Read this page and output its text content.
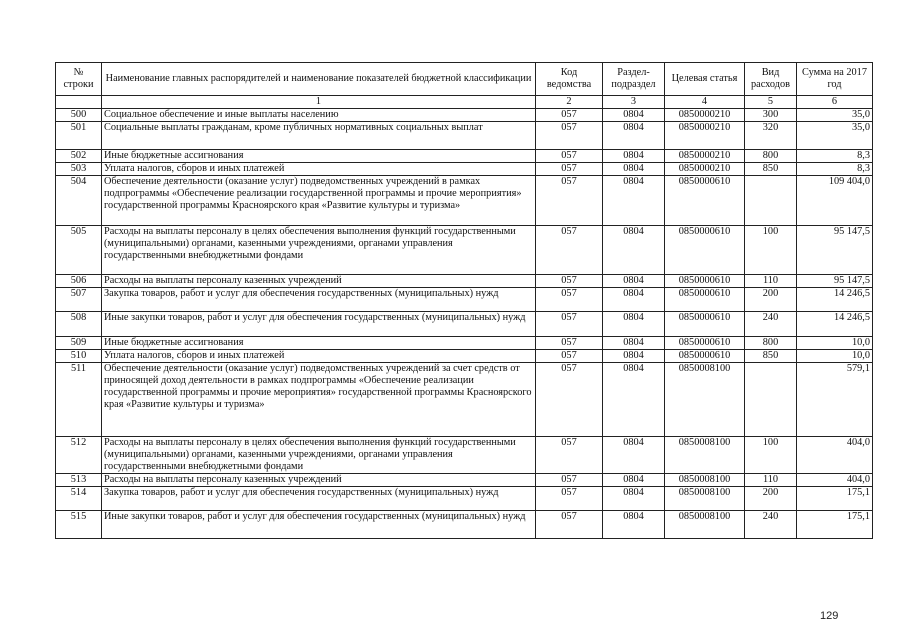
№ строки	Наименование главных распорядителей и наименование показателей бюджетной классификации	Код ведомства	Раздел-подраздел	Целевая статья	Вид расходов	Сумма на 2017 год
	1	2	3	4	5	6
500	Социальное обеспечение и иные выплаты населению	057	0804	0850000210	300	35,0
501	Социальные выплаты гражданам, кроме публичных нормативных социальных выплат	057	0804	0850000210	320	35,0
502	Иные бюджетные ассигнования	057	0804	0850000210	800	8,3
503	Уплата налогов, сборов и иных платежей	057	0804	0850000210	850	8,3
504	Обеспечение деятельности (оказание услуг) подведомственных учреждений в рамках подпрограммы «Обеспечение реализации государственной программы и прочие мероприятия» государственной программы Красноярского края «Развитие культуры и туризма»	057	0804	0850000610		109 404,0
505	Расходы на выплаты персоналу в целях обеспечения выполнения функций государственными (муниципальными) органами, казенными учреждениями, органами управления государственными внебюджетными фондами	057	0804	0850000610	100	95 147,5
506	Расходы на выплаты персоналу казенных учреждений	057	0804	0850000610	110	95 147,5
507	Закупка товаров, работ и услуг для обеспечения государственных (муниципальных) нужд	057	0804	0850000610	200	14 246,5
508	Иные закупки товаров, работ и услуг для обеспечения государственных (муниципальных) нужд	057	0804	0850000610	240	14 246,5
509	Иные бюджетные ассигнования	057	0804	0850000610	800	10,0
510	Уплата налогов, сборов и иных платежей	057	0804	0850000610	850	10,0
511	Обеспечение деятельности (оказание услуг) подведомственных учреждений за счет средств от приносящей доход деятельности в рамках подпрограммы «Обеспечение реализации государственной программы и прочие мероприятия» государственной программы Красноярского края «Развитие культуры и туризма»	057	0804	0850008100		579,1
512	Расходы на выплаты персоналу в целях обеспечения выполнения функций государственными (муниципальными) органами, казенными учреждениями, органами управления государственными внебюджетными фондами	057	0804	0850008100	100	404,0
513	Расходы на выплаты персоналу казенных учреждений	057	0804	0850008100	110	404,0
514	Закупка товаров, работ и услуг для обеспечения государственных (муниципальных) нужд	057	0804	0850008100	200	175,1
515	Иные закупки товаров, работ и услуг для обеспечения государственных (муниципальных) нужд	057	0804	0850008100	240	175,1
129
